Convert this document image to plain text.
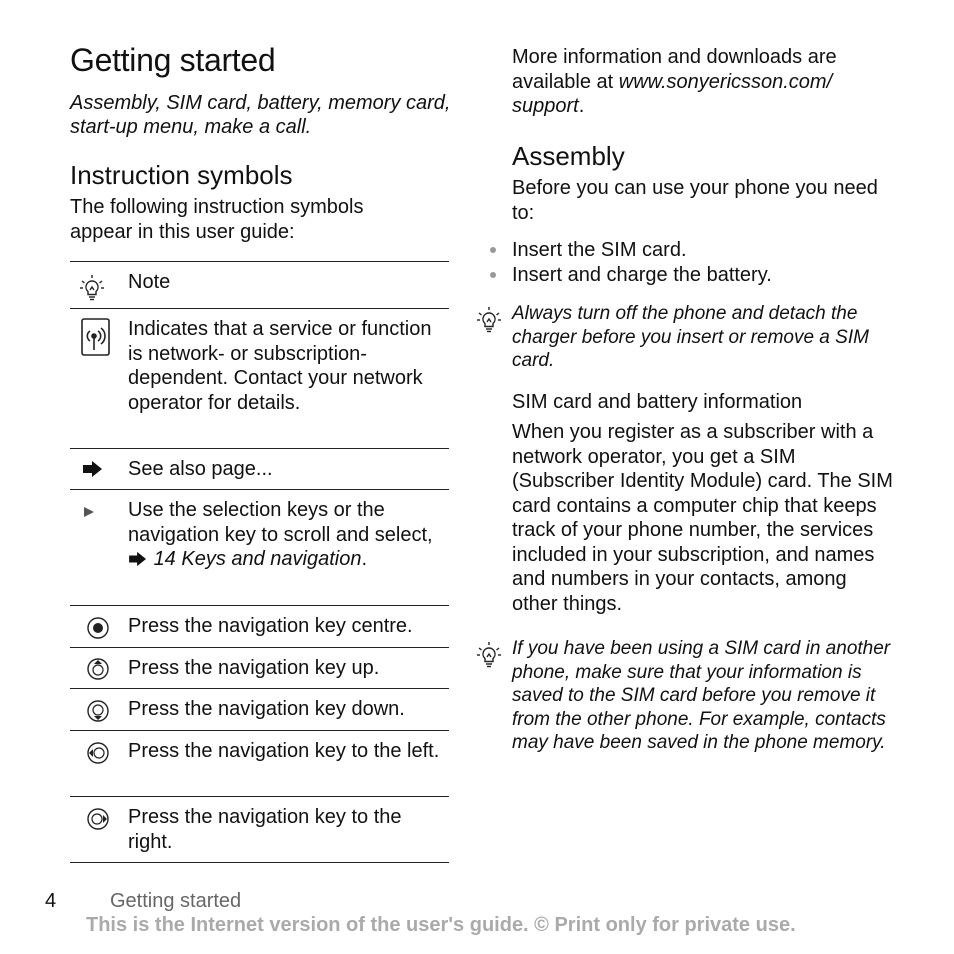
Getting started
Assembly, SIM card, battery, memory card, start-up menu, make a call.
Instruction symbols
The following instruction symbols appear in this user guide:
Note
Indicates that a service or function is network- or subscription-dependent. Contact your network operator for details.
See also page...
Use the selection keys or the navigation key to scroll and select,  14 Keys and navigation.
Press the navigation key centre.
Press the navigation key up.
Press the navigation key down.
Press the navigation key to the left.
Press the navigation key to the right.
More information and downloads are available at www.sonyericsson.com/
support.
Assembly
Before you can use your phone you need to:
Insert the SIM card.
Insert and charge the battery.
Always turn off the phone and detach the charger before you insert or remove a SIM card.
SIM card and battery information
When you register as a subscriber with a network operator, you get a SIM (Subscriber Identity Module) card. The SIM card contains a computer chip that keeps track of your phone number, the services included in your subscription, and names and numbers in your contacts, among other things.
If you have been using a SIM card in another phone, make sure that your information is saved to the SIM card before you remove it from the other phone. For example, contacts may have been saved in the phone memory.
4	Getting started
This is the Internet version of the user's guide. © Print only for private use.
